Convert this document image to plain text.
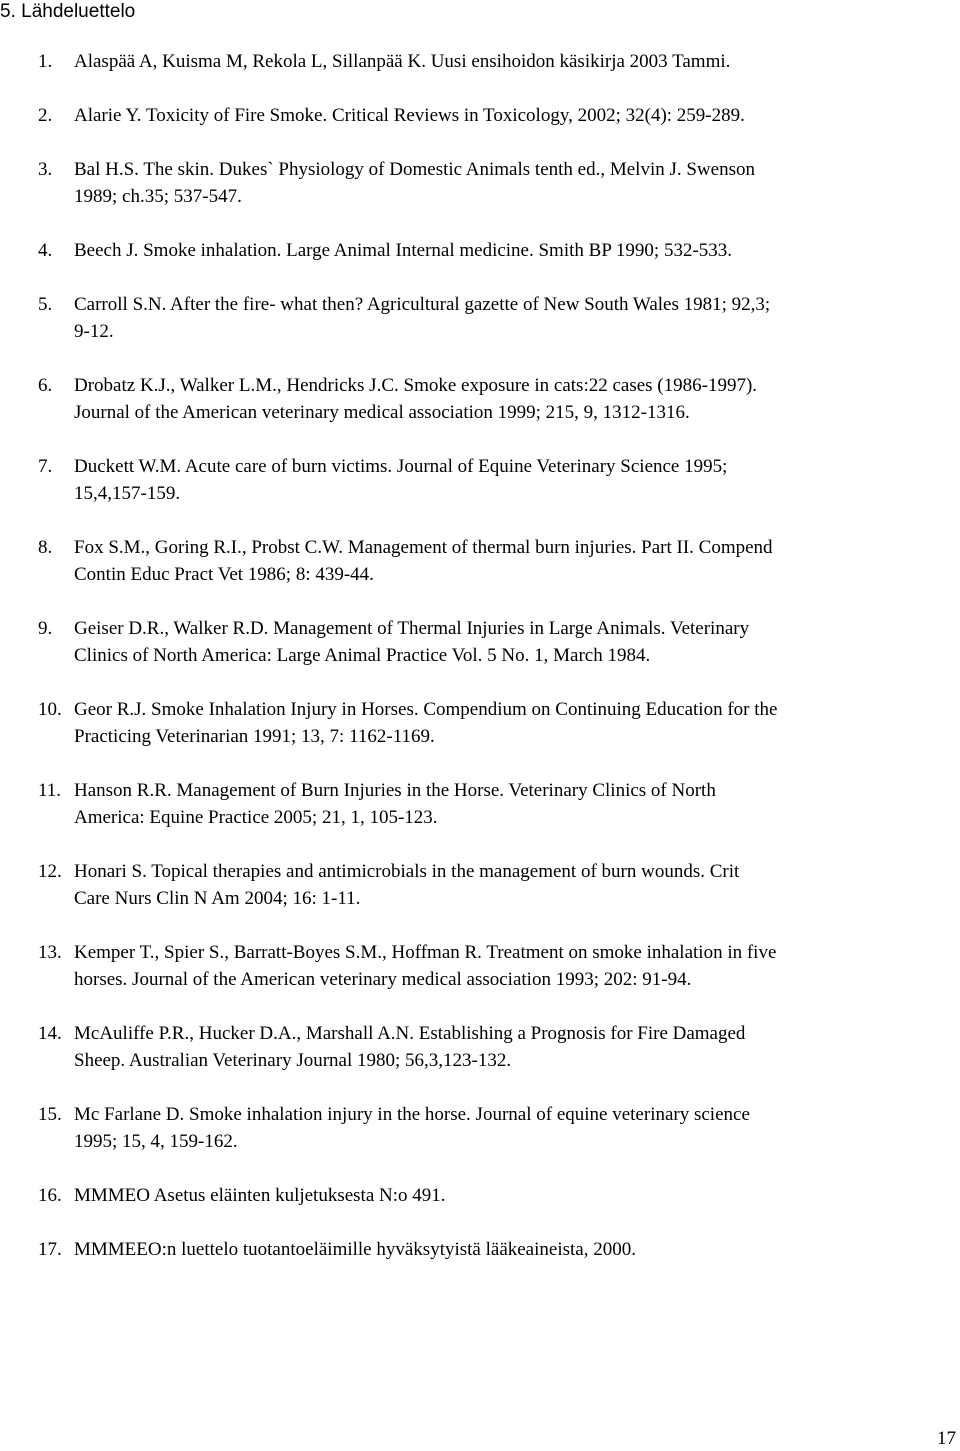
5. Lähdeluettelo
1. Alaspää A, Kuisma M, Rekola L, Sillanpää K. Uusi ensihoidon käsikirja 2003 Tammi.
2. Alarie Y. Toxicity of Fire Smoke. Critical Reviews in Toxicology, 2002; 32(4): 259-289.
3. Bal H.S. The skin. Dukes` Physiology of Domestic Animals tenth ed., Melvin J. Swenson
1989; ch.35; 537-547.
4. Beech J. Smoke inhalation. Large Animal Internal medicine. Smith BP 1990; 532-533.
5. Carroll S.N. After the fire- what then? Agricultural gazette of New South Wales 1981; 92,3;
9-12.
6. Drobatz K.J., Walker L.M., Hendricks J.C. Smoke exposure in cats:22 cases (1986-1997).
Journal of the American veterinary medical association 1999; 215, 9, 1312-1316.
7. Duckett W.M. Acute care of burn victims. Journal of Equine Veterinary Science 1995;
15,4,157-159.
8. Fox S.M., Goring R.I., Probst C.W. Management of thermal burn injuries. Part II. Compend
Contin Educ Pract Vet 1986; 8: 439-44.
9. Geiser D.R., Walker R.D. Management of Thermal Injuries in Large Animals. Veterinary
Clinics of North America: Large Animal Practice Vol. 5 No. 1, March 1984.
10. Geor R.J. Smoke Inhalation Injury in Horses. Compendium on Continuing Education for the
Practicing Veterinarian 1991; 13, 7: 1162-1169.
11. Hanson R.R. Management of Burn Injuries in the Horse. Veterinary Clinics of North
America: Equine Practice 2005; 21, 1, 105-123.
12. Honari S. Topical therapies and antimicrobials in the management of burn wounds. Crit
Care Nurs Clin N Am 2004; 16: 1-11.
13. Kemper T., Spier S., Barratt-Boyes S.M., Hoffman R. Treatment on smoke inhalation in five
horses. Journal of the American veterinary medical association 1993; 202: 91-94.
14. McAuliffe P.R., Hucker D.A., Marshall A.N. Establishing a Prognosis for Fire Damaged
Sheep. Australian Veterinary Journal 1980; 56,3,123-132.
15. Mc Farlane D. Smoke inhalation injury in the horse. Journal of equine veterinary science
1995; 15, 4, 159-162.
16. MMMEO Asetus eläinten kuljetuksesta N:o 491.
17. MMMEEO:n luettelo tuotantoeläimille hyväksytyistä lääkeaineista, 2000.
17
